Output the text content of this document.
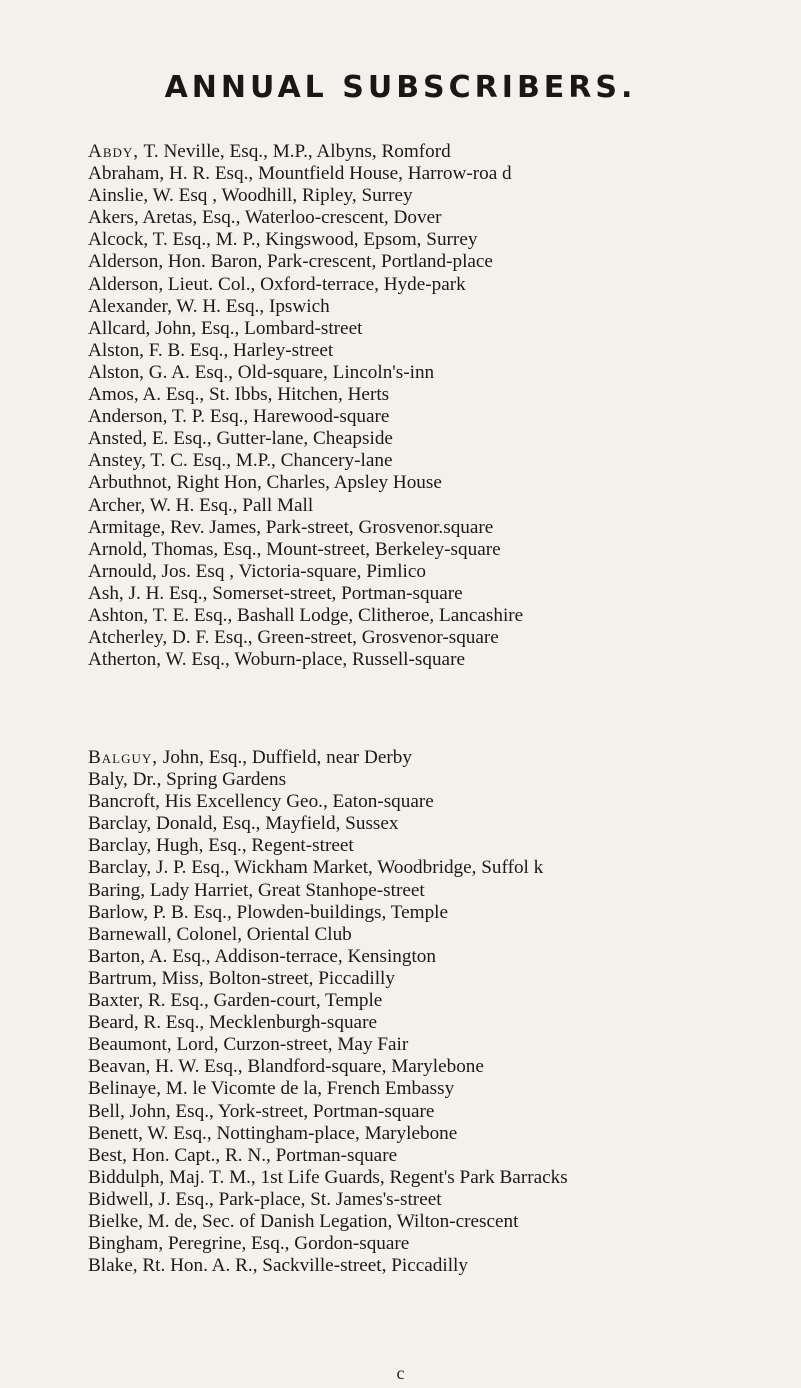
ANNUAL SUBSCRIBERS.
Abdy, T. Neville, Esq., M.P., Albyns, Romford
Abraham, H. R. Esq., Mountfield House, Harrow-roa d
Ainslie, W. Esq , Woodhill, Ripley, Surrey
Akers, Aretas, Esq., Waterloo-crescent, Dover
Alcock, T. Esq., M. P., Kingswood, Epsom, Surrey
Alderson, Hon. Baron, Park-crescent, Portland-place
Alderson, Lieut. Col., Oxford-terrace, Hyde-park
Alexander, W. H. Esq., Ipswich
Allcard, John, Esq., Lombard-street
Alston, F. B. Esq., Harley-street
Alston, G. A. Esq., Old-square, Lincoln's-inn
Amos, A. Esq., St. Ibbs, Hitchen, Herts
Anderson, T. P. Esq., Harewood-square
Ansted, E. Esq., Gutter-lane, Cheapside
Anstey, T. C. Esq., M.P., Chancery-lane
Arbuthnot, Right Hon, Charles, Apsley House
Archer, W. H. Esq., Pall Mall
Armitage, Rev. James, Park-street, Grosvenor.square
Arnold, Thomas, Esq., Mount-street, Berkeley-square
Arnould, Jos. Esq , Victoria-square, Pimlico
Ash, J. H. Esq., Somerset-street, Portman-square
Ashton, T. E. Esq., Bashall Lodge, Clitheroe, Lancashire
Atcherley, D. F. Esq., Green-street, Grosvenor-square
Atherton, W. Esq., Woburn-place, Russell-square
Balguy, John, Esq., Duffield, near Derby
Baly, Dr., Spring Gardens
Bancroft, His Excellency Geo., Eaton-square
Barclay, Donald, Esq., Mayfield, Sussex
Barclay, Hugh, Esq., Regent-street
Barclay, J. P. Esq., Wickham Market, Woodbridge, Suffol k
Baring, Lady Harriet, Great Stanhope-street
Barlow, P. B. Esq., Plowden-buildings, Temple
Barnewall, Colonel, Oriental Club
Barton, A. Esq., Addison-terrace, Kensington
Bartrum, Miss, Bolton-street, Piccadilly
Baxter, R. Esq., Garden-court, Temple
Beard, R. Esq., Mecklenburgh-square
Beaumont, Lord, Curzon-street, May Fair
Beavan, H. W. Esq., Blandford-square, Marylebone
Belinaye, M. le Vicomte de la, French Embassy
Bell, John, Esq., York-street, Portman-square
Benett, W. Esq., Nottingham-place, Marylebone
Best, Hon. Capt., R. N., Portman-square
Biddulph, Maj. T. M., 1st Life Guards, Regent's Park Barracks
Bidwell, J. Esq., Park-place, St. James's-street
Bielke, M. de, Sec. of Danish Legation, Wilton-crescent
Bingham, Peregrine, Esq., Gordon-square
Blake, Rt. Hon. A. R., Sackville-street, Piccadilly
c
